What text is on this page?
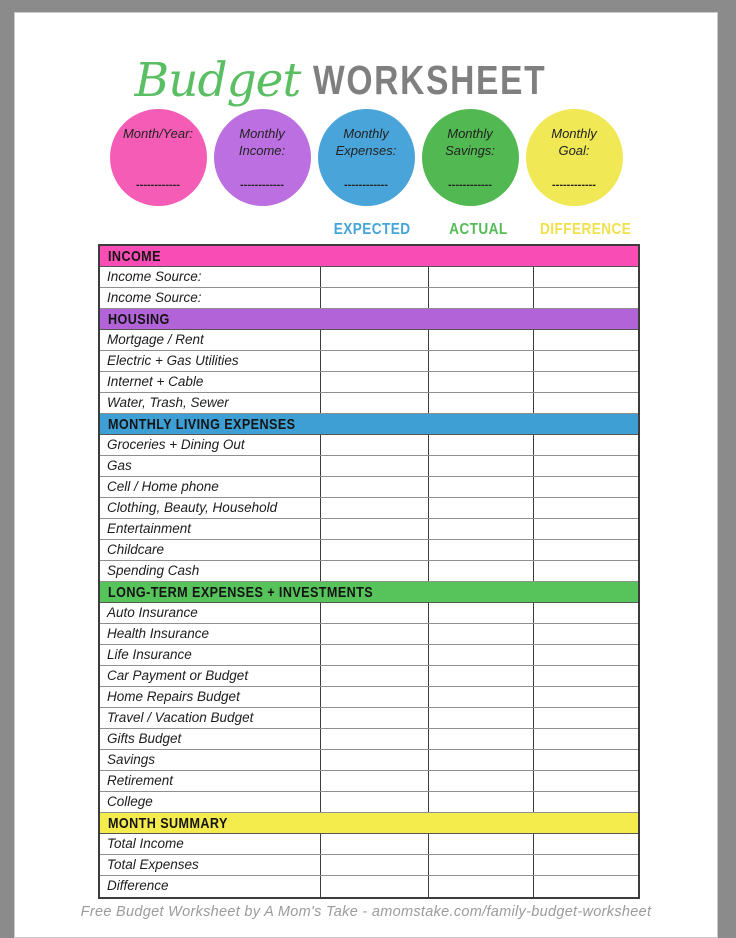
Budget WORKSHEET
Month/Year:
------------
Monthly Income:
------------
Monthly Expenses:
------------
Monthly Savings:
------------
Monthly Goal:
------------
EXPECTED	ACTUAL	DIFFERENCE
INCOME
Income Source:
Income Source:
HOUSING
Mortgage / Rent
Electric + Gas Utilities
Internet + Cable
Water, Trash, Sewer
MONTHLY LIVING EXPENSES
Groceries + Dining Out
Gas
Cell / Home phone
Clothing, Beauty, Household
Entertainment
Childcare
Spending Cash
LONG-TERM EXPENSES + INVESTMENTS
Auto Insurance
Health Insurance
Life Insurance
Car Payment or Budget
Home Repairs Budget
Travel / Vacation Budget
Gifts Budget
Savings
Retirement
College
MONTH SUMMARY
Total Income
Total Expenses
Difference
Free Budget Worksheet by A Mom's Take - amomstake.com/family-budget-worksheet
